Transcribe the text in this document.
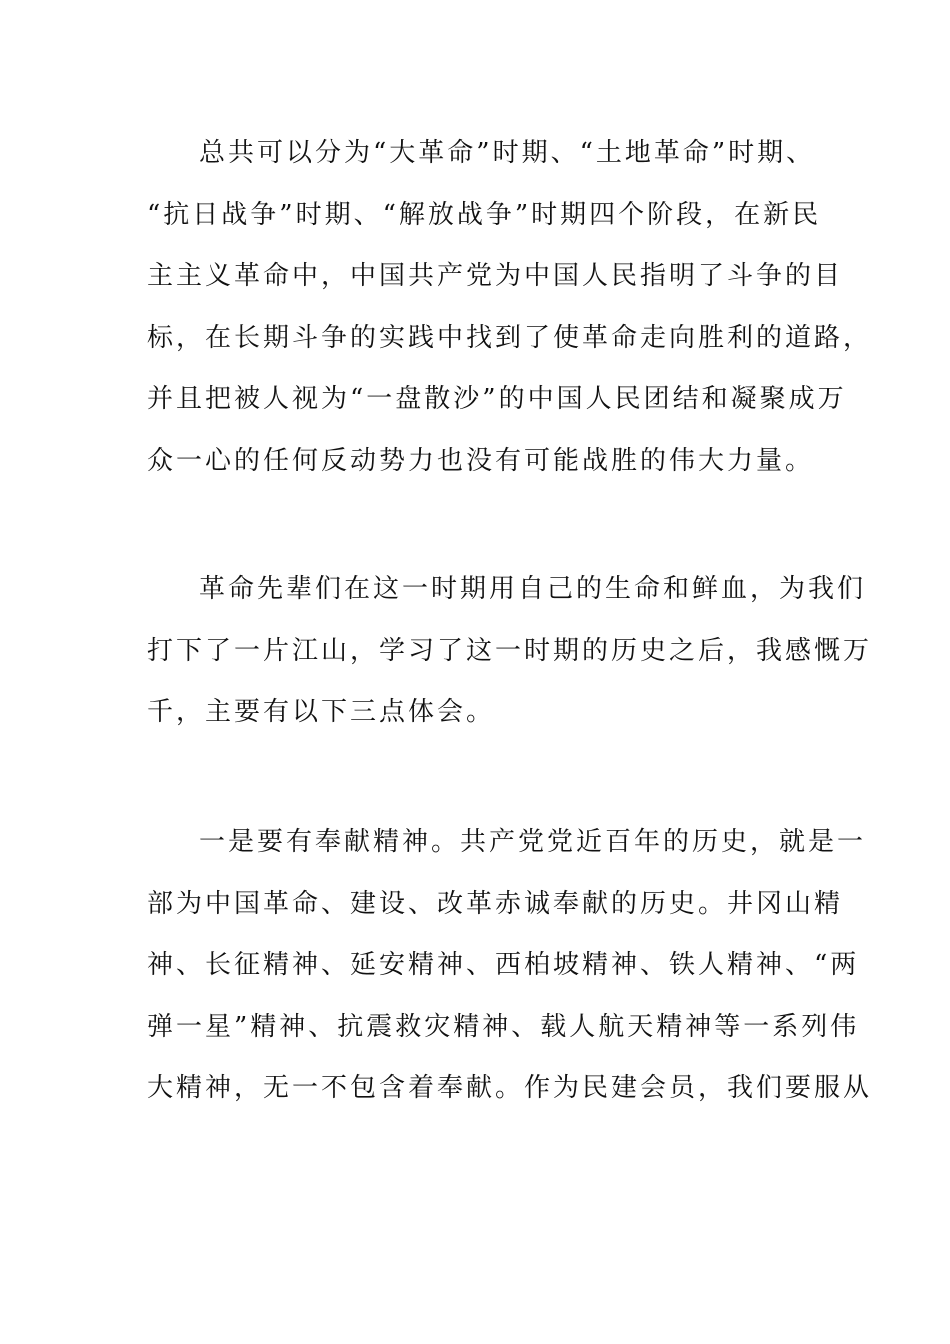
总共可以分为“大革命”时期、“土地革命”时期、
“抗日战争”时期、“解放战争”时期四个阶段，在新民
主主义革命中，中国共产党为中国人民指明了斗争的目
标，在长期斗争的实践中找到了使革命走向胜利的道路，
并且把被人视为“一盘散沙”的中国人民团结和凝聚成万
众一心的任何反动势力也没有可能战胜的伟大力量。
革命先辈们在这一时期用自己的生命和鲜血，为我们
打下了一片江山，学习了这一时期的历史之后，我感慨万
千，主要有以下三点体会。
一是要有奉献精神。共产党党近百年的历史，就是一
部为中国革命、建设、改革赤诚奉献的历史。井冈山精
神、长征精神、延安精神、西柏坡精神、铁人精神、“两
弹一星”精神、抗震救灾精神、载人航天精神等一系列伟
大精神，无一不包含着奉献。作为民建会员，我们要服从
